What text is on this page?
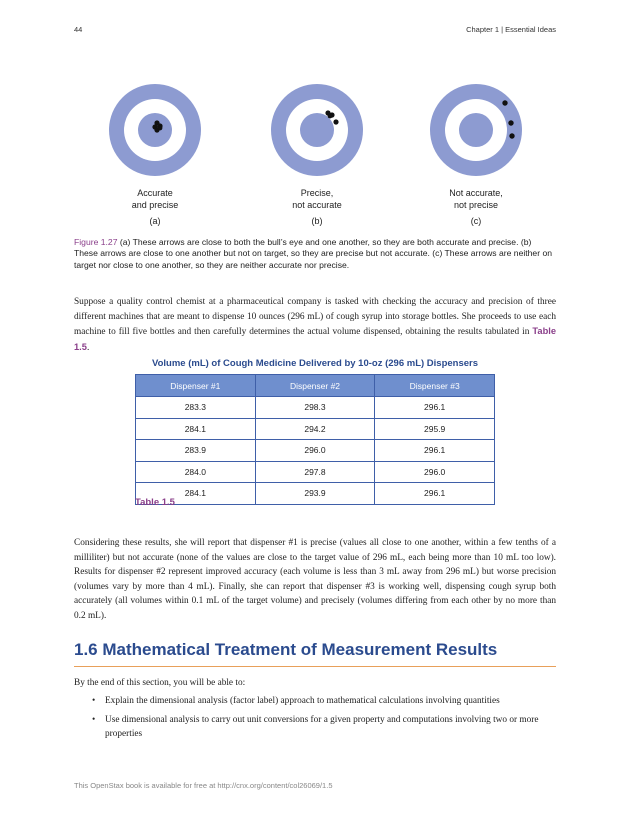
44	Chapter 1 | Essential Ideas
Accurate
and precise
Precise,
not accurate
Not accurate,
not precise
(a)	(b)	(c)
Figure 1.27 (a) These arrows are close to both the bull’s eye and one another, so they are both accurate and precise. (b) These arrows are close to one another but not on target, so they are precise but not accurate. (c) These arrows are neither on target nor close to one another, so they are neither accurate nor precise.
Suppose a quality control chemist at a pharmaceutical company is tasked with checking the accuracy and precision of three different machines that are meant to dispense 10 ounces (296 mL) of cough syrup into storage bottles. She proceeds to use each machine to fill five bottles and then carefully determines the actual volume dispensed, obtaining the results tabulated in Table 1.5.
Volume (mL) of Cough Medicine Delivered by 10-oz (296 mL) Dispensers
Dispenser #1	Dispenser #2	Dispenser #3
283.3	298.3	296.1
284.1	294.2	295.9
283.9	296.0	296.1
284.0	297.8	296.0
284.1	293.9	296.1
Table 1.5
Considering these results, she will report that dispenser #1 is precise (values all close to one another, within a few tenths of a milliliter) but not accurate (none of the values are close to the target value of 296 mL, each being more than 10 mL too low). Results for dispenser #2 represent improved accuracy (each volume is less than 3 mL away from 296 mL) but worse precision (volumes vary by more than 4 mL). Finally, she can report that dispenser #3 is working well, dispensing cough syrup both accurately (all volumes within 0.1 mL of the target volume) and precisely (volumes differing from each other by no more than 0.2 mL).
1.6 Mathematical Treatment of Measurement Results
By the end of this section, you will be able to:
• Explain the dimensional analysis (factor label) approach to mathematical calculations involving quantities
• Use dimensional analysis to carry out unit conversions for a given property and computations involving two or more properties
This OpenStax book is available for free at http://cnx.org/content/col26069/1.5
